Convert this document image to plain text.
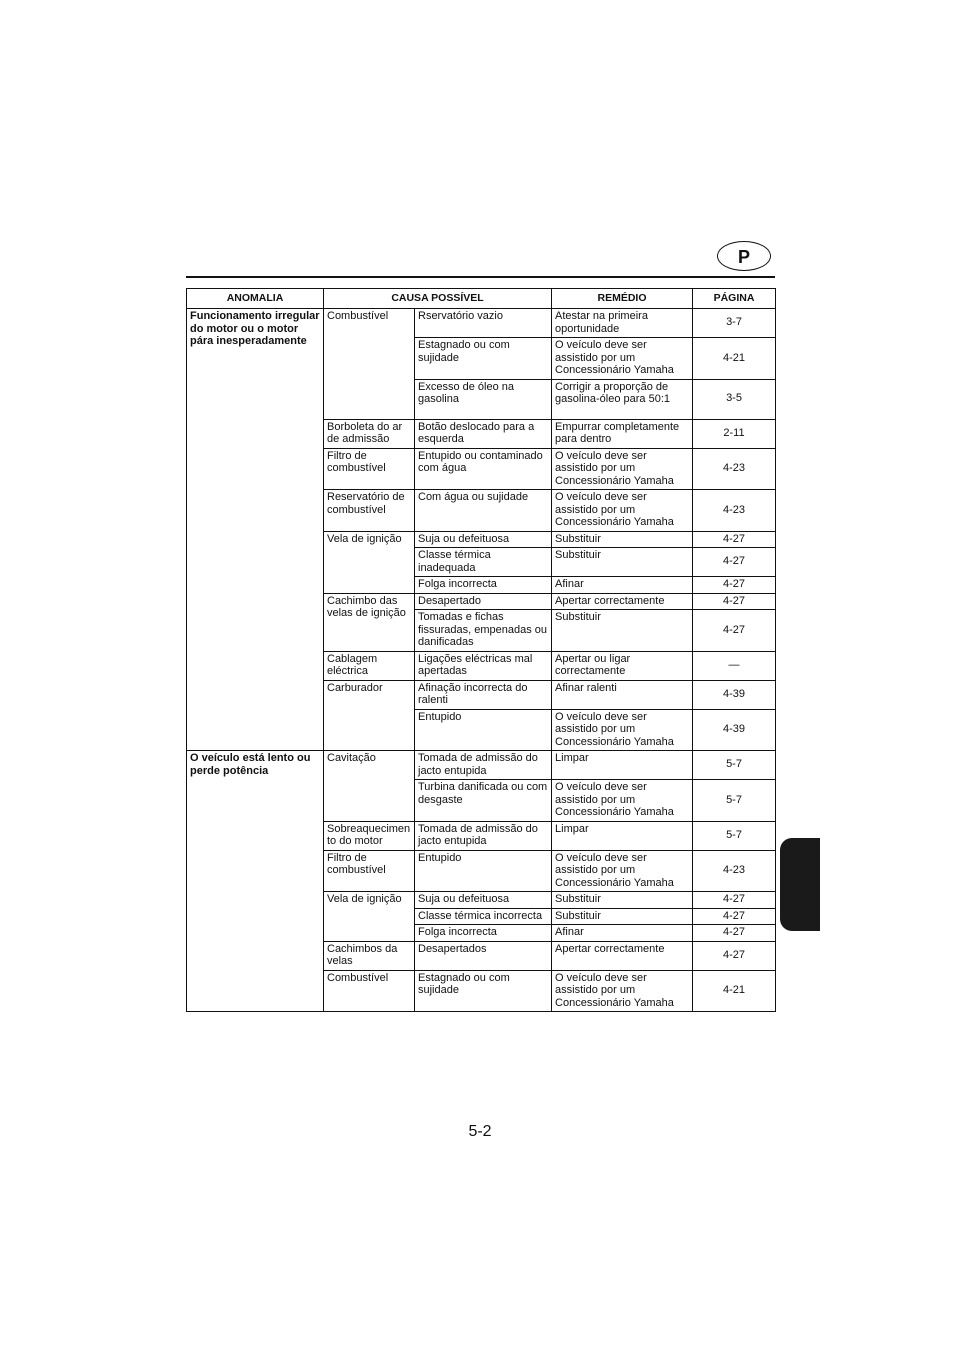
P
ANOMALIA	CAUSA POSSÍVEL		REMÉDIO	PÁGINA
Funcionamento irregular do motor ou o motor pára inesperadamente	Combustível	Rservatório vazio	Atestar na primeira oportunidade	3-7
		Estagnado ou com sujidade	O veículo deve ser assistido por um Concessionário Yamaha	4-21
		Excesso de óleo na gasolina	Corrigir a proporção de gasolina-óleo para 50:1	3-5
	Borboleta do ar de admissão	Botão deslocado para a esquerda	Empurrar completamente para dentro	2-11
	Filtro de combustível	Entupido ou contaminado com água	O veículo deve ser assistido por um Concessionário Yamaha	4-23
	Reservatório de combustível	Com água ou sujidade	O veículo deve ser assistido por um Concessionário Yamaha	4-23
	Vela de ignição	Suja ou defeituosa	Substituir	4-27
		Classe térmica inadequada	Substituir	4-27
		Folga incorrecta	Afinar	4-27
	Cachimbo das velas de ignição	Desapertado	Apertar correctamente	4-27
		Tomadas e fichas fissuradas, empenadas ou danificadas	Substituir	4-27
	Cablagem eléctrica	Ligações eléctricas mal apertadas	Apertar ou ligar correctamente	—
	Carburador	Afinação incorrecta do ralenti	Afinar ralenti	4-39
		Entupido	O veículo deve ser assistido por um Concessionário Yamaha	4-39
O veículo está lento ou perde potência	Cavitação	Tomada de admissão do jacto entupida	Limpar	5-7
		Turbina danificada ou com desgaste	O veículo deve ser assistido por um Concessionário Yamaha	5-7
	Sobreaquecimen to do motor	Tomada de admissão do jacto entupida	Limpar	5-7
	Filtro de combustível	Entupido	O veículo deve ser assistido por um Concessionário Yamaha	4-23
	Vela de ignição	Suja ou defeituosa	Substituir	4-27
		Classe térmica incorrecta	Substituir	4-27
		Folga incorrecta	Afinar	4-27
	Cachimbos da velas	Desapertados	Apertar correctamente	4-27
	Combustível	Estagnado ou com sujidade	O veículo deve ser assistido por um Concessionário Yamaha	4-21
5-2
